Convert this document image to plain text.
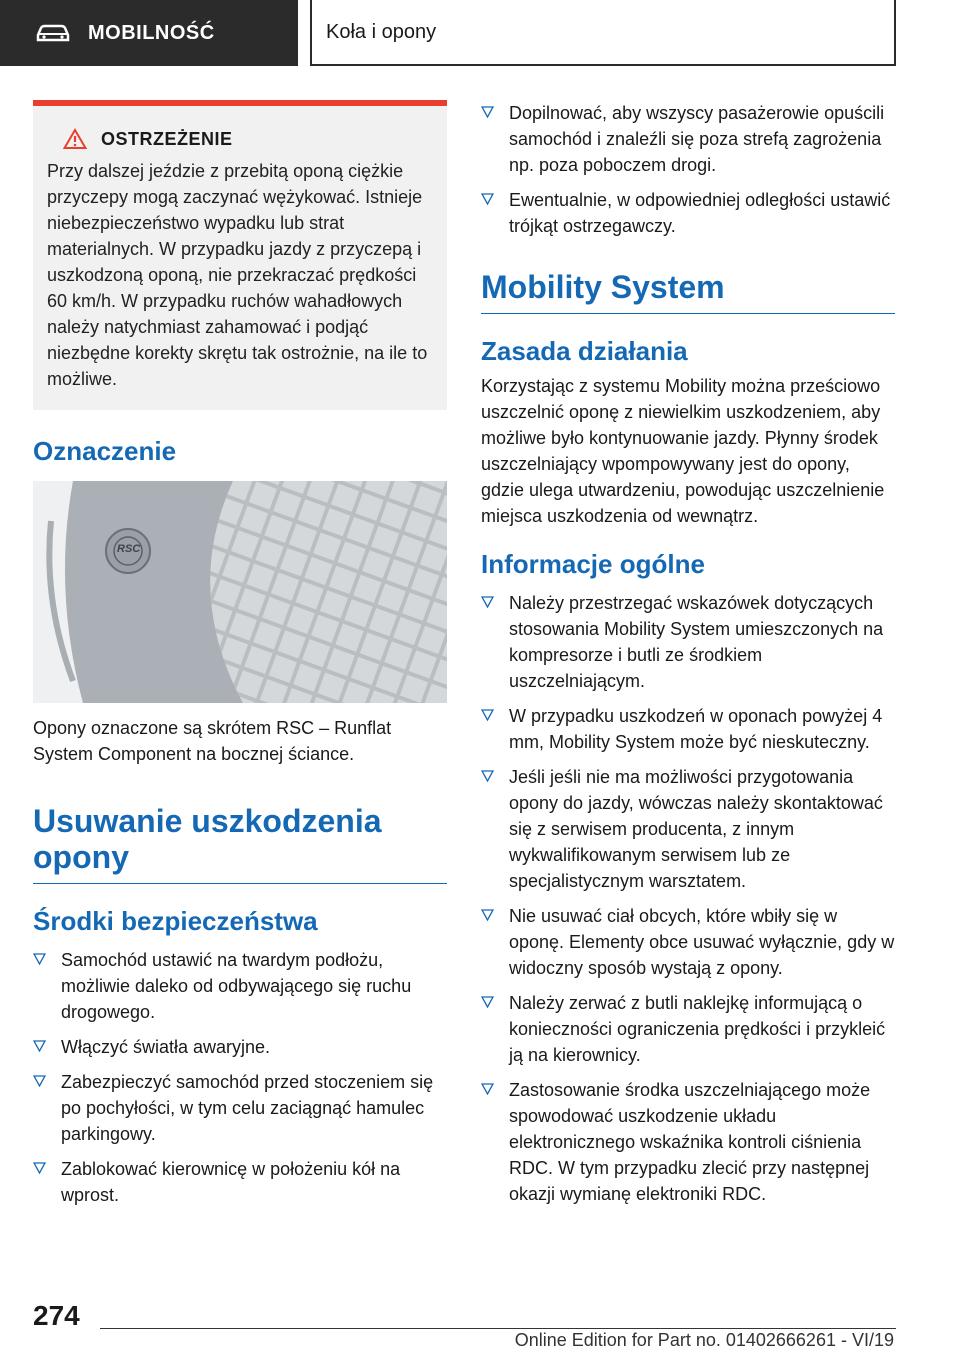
MOBILNOŚĆ	Koła i opony
OSTRZEŻENIE

Przy dalszej jeździe z przebitą oponą ciężkie przyczepy mogą zaczynać wężykować. Istnieje niebezpieczeństwo wypadku lub strat materialnych. W przypadku jazdy z przyczepą i uszkodzoną oponą, nie przekraczać prędkości 60 km/h. W przypadku ruchów wahadłowych należy natychmiast zahamować i podjąć niezbędne korekty skrętu tak ostrożnie, na ile to możliwe.

Oznaczenie
RSC

Opony oznaczone są skrótem RSC – Runflat System Component na bocznej ściance.

Usuwanie uszkodzenia opony
Środki bezpieczeństwa
Samochód ustawić na twardym podłożu, możliwie daleko od odbywającego się ruchu drogowego.
Włączyć światła awaryjne.
Zabezpieczyć samochód przed stoczeniem się po pochyłości, w tym celu zaciągnąć hamulec parkingowy.
Zablokować kierownicę w położeniu kół na wprost.
Dopilnować, aby wszyscy pasażerowie opuścili samochód i znaleźli się poza strefą zagrożenia np. poza poboczem drogi.
Ewentualnie, w odpowiedniej odległości ustawić trójkąt ostrzegawczy.
Mobility System
Zasada działania

Korzystając z systemu Mobility można prześciowo uszczelnić oponę z niewielkim uszkodzeniem, aby możliwe było kontynuowanie jazdy. Płynny środek uszczelniający wpompowywany jest do opony, gdzie ulega utwardzeniu, powodując uszczelnienie miejsca uszkodzenia od wewnątrz.

Informacje ogólne
Należy przestrzegać wskazówek dotyczących stosowania Mobility System umieszczonych na kompresorze i butli ze środkiem uszczelniającym.
W przypadku uszkodzeń w oponach powyżej 4 mm, Mobility System może być nieskuteczny.
Jeśli jeśli nie ma możliwości przygotowania opony do jazdy, wówczas należy skontaktować się z serwisem producenta, z innym wykwalifikowanym serwisem lub ze specjalistycznym warsztatem.
Nie usuwać ciał obcych, które wbiły się w oponę. Elementy obce usuwać wyłącznie, gdy w widoczny sposób wystają z opony.
Należy zerwać z butli naklejkę informującą o konieczności ograniczenia prędkości i przykleić ją na kierownicy.
Zastosowanie środka uszczelniającego może spowodować uszkodzenie układu elektronicznego wskaźnika kontroli ciśnienia RDC. W tym przypadku zlecić przy następnej okazji wymianę elektroniki RDC.
274
Online Edition for Part no. 01402666261 - VI/19
